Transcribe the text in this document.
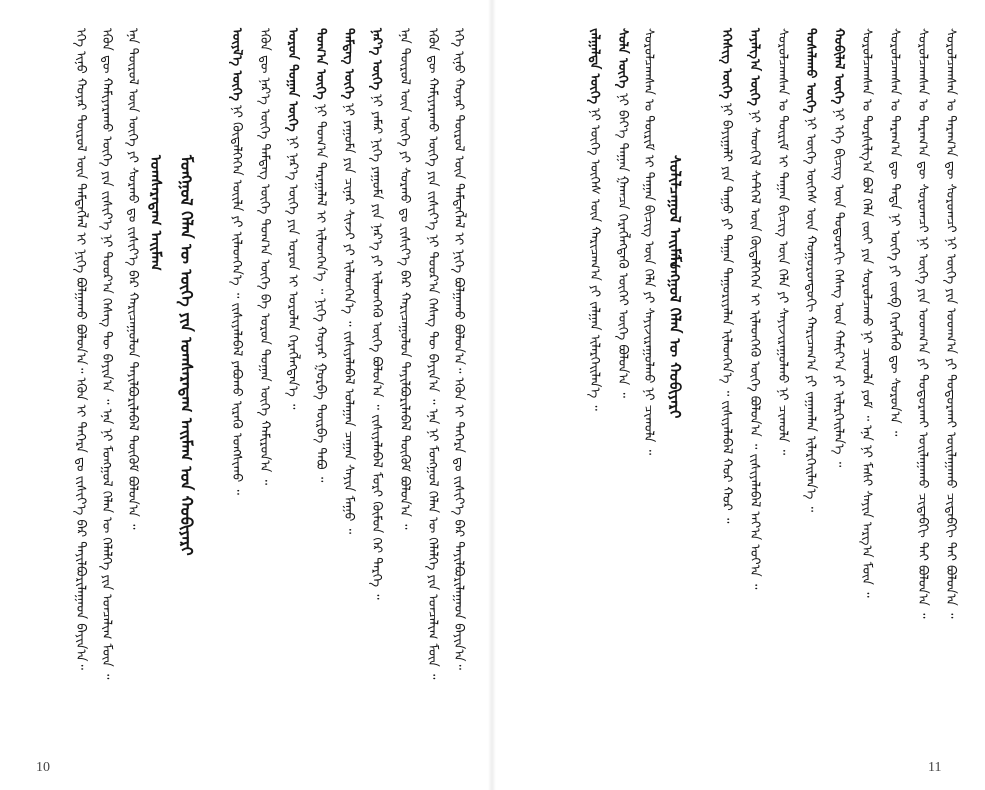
ᠡᠭᠡ ᠢᠨᠦ ᠬᠣᠶᠠᠷ ᠲᠦᠷᠦᠯ ᠦᠨ ᠲᠡᠮᠳᠡᠭᠯᠡᠯ ᠢ ᠨᠢᠭᠡ ᠪᠣᠯᠭᠠᠬᠤ ᠪᠣᠯᠤᠨ᠎ᠠ᠃ ᠡᠭᠦᠨ ᠢ ᠳᠡᠭᠡᠷᠡ ᠳᠤ ᠵᠢᠱᠢᠶ᠎ᠡ ᠪᠡᠷ ᠲᠠᠶᠢᠯᠪᠤᠷᠢᠯᠠᠭᠠᠳ ᠪᠠᠶᠢᠨ᠎ᠠ᠃ ᠡᠭᠦᠨ ᠳᠦ ᠬᠠᠮᠢᠶᠠᠷᠠᠬᠤ ᠦᠭᠡ ᠶᠢᠨ ᠵᠢᠱᠢᠶ᠎ᠡ ᠨᠢ ᠳᠣᠣᠷ᠎ᠠ ᠬᠡᠰᠡᠭ ᠲᠦ ᠪᠠᠶᠢᠨ᠎ᠠ ᠃ ᠡᠨᠡ ᠨᠢ ᠮᠣᠩᠭᠣᠯ ᠬᠡᠯᠡᠨ ᠦ ᠬᠡᠯᠡᠯᠭᠡ ᠶᠢᠨ ᠣᠨᠴᠠᠯᠢᠭ ᠮᠦᠨ ᠃ ᠡᠨᠡ ᠲᠦᠷᠦᠯ ᠦᠨ ᠦᠭᠡ ᠶᠢ ᠰᠤᠷᠬᠤ ᠳᠤ ᠵᠢᠱᠢᠶ᠎ᠡ ᠪᠡᠷ ᠬᠠᠷᠢᠴᠠᠭᠤᠯᠤᠨ ᠲᠠᠶᠢᠯᠪᠤᠷᠢᠯᠠᠪᠠᠯ ᠳᠥᠭᠥᠮ ᠪᠣᠯᠤᠨ᠎ᠠ ᠃ ᠤᠭᠰᠠᠷᠠᠳᠠᠭ ᠠᠢᠮᠠᠭ ᠮᠣᠩᠭᠣᠯ ᠬᠡᠯᠡᠨ ᠦ ᠦᠭᠡ ᠶᠢᠨ ᠤᠭᠰᠠᠷᠠᠳᠠᠭ ᠠᠢᠮᠠᠭ ᠤᠨ ᠬᠤᠪᠢᠶᠠᠷᠢ
ᠦᠶᠯ᠎ᠡ ᠦᠭᠡ ᠨᠢ ᠬᠥᠳᠡᠯᠭᠡᠭᠡᠨ ᠦᠢᠯᠡ ᠶᠢ ᠢᠯᠡᠳᠬᠡᠨ᠎ᠡ ᠃ ᠵᠢᠱᠢᠶᠡᠯᠡᠪᠡᠯ ᠶᠠᠪᠤᠬᠤ ᠢᠷᠡᠬᠦ ᠤᠩᠱᠢᠬᠤ ᠃ ᠡᠭᠦᠨ ᠳᠦ ᠨᠡᠷ᠎ᠡ ᠦᠭᠡ ᠲᠡᠮᠳᠡᠭ ᠦᠭᠡ ᠲᠣᠭ᠎ᠠ ᠦᠭᠡ ᠪᠠ ᠣᠷᠣᠨ ᠲᠣᠭᠠᠨ ᠦᠭᠡ ᠬᠠᠮᠢᠷᠤᠨ᠎ᠠ ᠃ ᠣᠷᠣᠨ ᠲᠣᠭᠠᠨ ᠦᠭᠡ ᠨᠢ ᠨᠡᠷ᠎ᠡ ᠦᠭᠡ ᠶᠢᠨ ᠣᠷᠣᠨ ᠢ ᠣᠷᠣᠯᠠᠨ ᠬᠡᠷᠡᠭᠯᠡᠭᠳᠡᠨ᠎ᠡ ᠃
ᠲᠣᠭ᠎ᠠ ᠦᠭᠡ ᠨᠢ ᠲᠣᠭ᠎ᠠ ᠳᠠᠷᠠᠭᠠᠯᠠᠯ ᠢ ᠢᠯᠡᠳᠬᠡᠨ᠎ᠡ ᠃ ᠨᠢᠭᠡ ᠬᠣᠶᠠᠷ ᠭᠤᠷᠪᠠ ᠳᠥᠷᠪᠡ ᠲᠠᠪᠤ ᠃
ᠲᠡᠮᠳᠡᠭ ᠦᠭᠡ ᠨᠢ ᠶᠠᠭᠤᠮᠠ ᠶᠢᠨ ᠴᠢᠨᠠᠷ ᠱᠢᠨᠵᠢ ᠶᠢ ᠢᠯᠡᠳᠬᠡᠨ᠎ᠡ ᠃ ᠵᠢᠱᠢᠶᠡᠯᠡᠪᠡᠯ ᠤᠯᠠᠭᠠᠨ ᠴᠠᠭᠠᠨ ᠰᠠᠶᠢᠨ ᠮᠠᠭᠤ ᠃
ᠨᠡᠷ᠎ᠡ ᠦᠭᠡ ᠨᠢ ᠶᠠᠮᠠᠷ ᠨᠢᠭᠡ ᠶᠠᠭᠤᠮᠠ ᠶᠢᠨ ᠨᠡᠷ᠎ᠡ ᠶᠢ ᠢᠯᠡᠳᠬᠡᠬᠦ ᠦᠭᠡ ᠪᠣᠯᠤᠨ᠎ᠠ ᠃ ᠵᠢᠱᠢᠶᠡᠯᠡᠪᠡᠯ ᠮᠣᠷᠢ ᠬᠦᠮᠦᠨ ᠭᠡᠷ ᠲᠡᠷᠭᠡ ᠃ ᠡᠨᠡ ᠲᠦᠷᠦᠯ ᠦᠨ ᠦᠭᠡ ᠶᠢ ᠰᠤᠷᠬᠤ ᠳᠤ ᠵᠢᠱᠢᠶ᠎ᠡ ᠪᠡᠷ ᠬᠠᠷᠢᠴᠠᠭᠤᠯᠤᠨ ᠲᠠᠶᠢᠯᠪᠤᠷᠢᠯᠠᠪᠠᠯ ᠳᠥᠭᠥᠮ ᠪᠣᠯᠤᠨ᠎ᠠ ᠃ ᠡᠭᠦᠨ ᠳᠦ ᠬᠠᠮᠢᠶᠠᠷᠠᠬᠤ ᠦᠭᠡ ᠶᠢᠨ ᠵᠢᠱᠢᠶ᠎ᠡ ᠨᠢ ᠳᠣᠣᠷ᠎ᠠ ᠬᠡᠰᠡᠭ ᠲᠦ ᠪᠠᠶᠢᠨ᠎ᠠ ᠃ ᠡᠨᠡ ᠨᠢ ᠮᠣᠩᠭᠣᠯ ᠬᠡᠯᠡᠨ ᠦ ᠬᠡᠯᠡᠯᠭᠡ ᠶᠢᠨ ᠣᠨᠴᠠᠯᠢᠭ ᠮᠦᠨ ᠃ ᠡᠭᠡ ᠢᠨᠦ ᠬᠣᠶᠠᠷ ᠲᠦᠷᠦᠯ ᠦᠨ ᠲᠡᠮᠳᠡᠭᠯᠡᠯ ᠢ ᠨᠢᠭᠡ ᠪᠣᠯᠭᠠᠬᠤ ᠪᠣᠯᠤᠨ᠎ᠠ᠃ ᠡᠭᠦᠨ ᠢ ᠳᠡᠭᠡᠷᠡ ᠳᠤ ᠵᠢᠱᠢᠶ᠎ᠡ ᠪᠡᠷ ᠲᠠᠶᠢᠯᠪᠤᠷᠢᠯᠠᠭᠠᠳ ᠪᠠᠶᠢᠨ᠎ᠠ᠃
10
ᠵᠠᠯᠭᠠᠯᠲᠠ ᠦᠭᠡ ᠨᠢ ᠦᠭᠡ ᠦᠭᠡᠰ ᠦᠨ ᠬᠠᠷᠢᠴᠠᠭ᠎ᠠ ᠶᠢ ᠵᠠᠯᠭᠠᠨ ᠢᠯᠡᠷᠬᠡᠢᠯᠡᠨ᠎ᠡ ᠃
ᠰᠤᠯᠠ ᠦᠭᠡ ᠨᠢ ᠪᠡᠶ᠎ᠡ ᠳᠠᠭᠠᠨ ᠭᠠᠭᠴᠠ ᠬᠡᠷᠡᠭᠯᠡᠭᠳᠡᠬᠦ ᠦᠭᠡᠢ ᠦᠭᠡ ᠪᠣᠯᠤᠨ᠎ᠠ ᠃ ᠰᠤᠷᠤᠯᠴᠠᠭᠰᠠᠨ ᠤ ᠳᠦᠷᠢᠮ ᠢ ᠳᠠᠭᠠᠨ ᠪᠢᠴᠢᠭ ᠦᠨ ᠬᠡᠯᠡ ᠶᠢ ᠰᠠᠶᠢᠵᠢᠷᠠᠭᠤᠯᠬᠤ ᠨᠢ ᠴᠢᠬᠤᠯᠠ ᠃ ᠰᠣᠯᠢᠯᠴᠠᠭᠤᠯ ᠠᠢᠮᠠᠭ
ᠮᠣᠩᠭᠣᠯ ᠬᠡᠯᠡᠨ ᠦ ᠬᠤᠪᠢᠶᠠᠷᠢ
ᠡᠭᠡᠰᠢᠭ ᠦᠭᠡ ᠨᠢ ᠪᠠᠶᠢᠭᠠᠯᠢ ᠶᠢᠨ ᠳᠠᠭᠤ ᠶᠢ ᠳᠠᠭᠠᠨ ᠳᠠᠭᠤᠷᠢᠶᠠᠯᠠᠨ ᠢᠯᠡᠳᠬᠡᠨ᠎ᠡ ᠃ ᠵᠢᠱᠢᠶᠡᠯᠡᠪᠡᠯ ᠬᠣᠷ ᠬᠣᠷ ᠃
ᠠᠶᠠᠯᠭ᠎ᠠ ᠦᠭᠡ ᠨᠢ ᠰᠡᠳᠬᠢᠯ ᠰᠡᠲᠭᠡᠯ ᠦᠨ ᠬᠥᠳᠡᠯᠭᠡᠭᠡᠨ ᠢ ᠢᠯᠡᠳᠬᠡᠬᠦ ᠦᠭᠡ ᠪᠣᠯᠤᠨ᠎ᠠ ᠃ ᠵᠢᠱᠢᠶᠡᠯᠡᠪᠡᠯ ᠠᠶ᠎ᠠ ᠣᠶ᠎ᠠ ᠃ ᠰᠤᠷᠤᠯᠴᠠᠭᠰᠠᠨ ᠤ ᠳᠦᠷᠢᠮ ᠢ ᠳᠠᠭᠠᠨ ᠪᠢᠴᠢᠭ ᠦᠨ ᠬᠡᠯᠡ ᠶᠢ ᠰᠠᠶᠢᠵᠢᠷᠠᠭᠤᠯᠬᠤ ᠨᠢ ᠴᠢᠬᠤᠯᠠ ᠃ ᠲᠤᠰᠠᠯᠠᠬᠤ ᠦᠭᠡ ᠨᠢ ᠦᠭᠡ ᠦᠭᠡᠰ ᠦᠨ ᠬᠣᠭᠣᠷᠣᠨᠳᠣᠬᠢ ᠬᠠᠷᠢᠴᠠᠭ᠎ᠠ ᠶᠢ ᠵᠠᠭᠠᠭᠯᠠᠨ ᠢᠯᠡᠷᠬᠡᠢᠯᠡᠨ᠎ᠡ ᠃
ᠬᠤᠪᠢᠯᠠᠯ ᠦᠭᠡ ᠨᠢ ᠡᠬᠡ ᠪᠢᠴᠢᠭ ᠦᠨ ᠳᠣᠲᠣᠷᠠᠬᠢ ᠬᠡᠰᠡᠭ ᠦᠨ ᠬᠠᠮᠢᠶ᠎ᠠ ᠶᠢ ᠢᠯᠡᠷᠬᠡᠢᠯᠡᠨ᠎ᠡ ᠃ ᠰᠤᠷᠤᠯᠴᠠᠭᠰᠠᠨ ᠤ ᠲᠤᠷᠰᠢᠯᠭ᠎ᠠ ᠪᠣᠯ ᠬᠡᠯᠡ ᠵᠦᠢ ᠶᠢᠨ ᠰᠤᠷᠤᠯᠴᠠᠬᠤ ᠨᠢ ᠴᠢᠬᠤᠯᠠ ᠶᠤᠮ ᠃ ᠡᠨᠡ ᠨᠢ ᠮᠠᠰᠢ ᠰᠠᠶᠢᠨ ᠠᠷᠭ᠎ᠠ ᠮᠥᠨ ᠃ ᠰᠤᠷᠤᠯᠴᠠᠭᠰᠠᠨ ᠤ ᠳᠠᠷᠠᠭ᠎ᠠ ᠳᠦ ᠲᠡᠳᠡ ᠨᠢ ᠦᠭᠡ ᠶᠢ ᠵᠦᠪ ᠬᠡᠷᠡᠭᠯᠡᠬᠦ ᠳᠦ ᠰᠤᠷᠤᠨ᠎ᠠ ᠃ ᠰᠤᠷᠤᠯᠴᠠᠭᠰᠠᠨ ᠤ ᠳᠠᠷᠠᠭ᠎ᠠ ᠳᠦ ᠰᠤᠷᠤᠭᠴᠢ ᠨᠢ ᠦᠭᠡ ᠶᠢᠨ ᠤᠳᠬ᠎ᠠ ᠶᠢ ᠲᠣᠳᠣᠷᠬᠠᠢ ᠣᠢᠯᠠᠭᠠᠬᠤ ᠴᠢᠳᠠᠪᠬᠢ ᠲᠠᠢ ᠪᠣᠯᠤᠨ᠎ᠠ ᠃ ᠰᠤᠷᠤᠯᠴᠠᠭᠰᠠᠨ ᠤ ᠳᠠᠷᠠᠭ᠎ᠠ ᠳᠦ ᠰᠤᠷᠤᠭᠴᠢ ᠨᠢ ᠦᠭᠡ ᠶᠢᠨ ᠤᠳᠬ᠎ᠠ ᠶᠢ ᠲᠣᠳᠣᠷᠬᠠᠢ ᠣᠢᠯᠠᠭᠠᠬᠤ ᠴᠢᠳᠠᠪᠬᠢ ᠲᠠᠢ ᠪᠣᠯᠤᠨ᠎ᠠ ᠃
11
